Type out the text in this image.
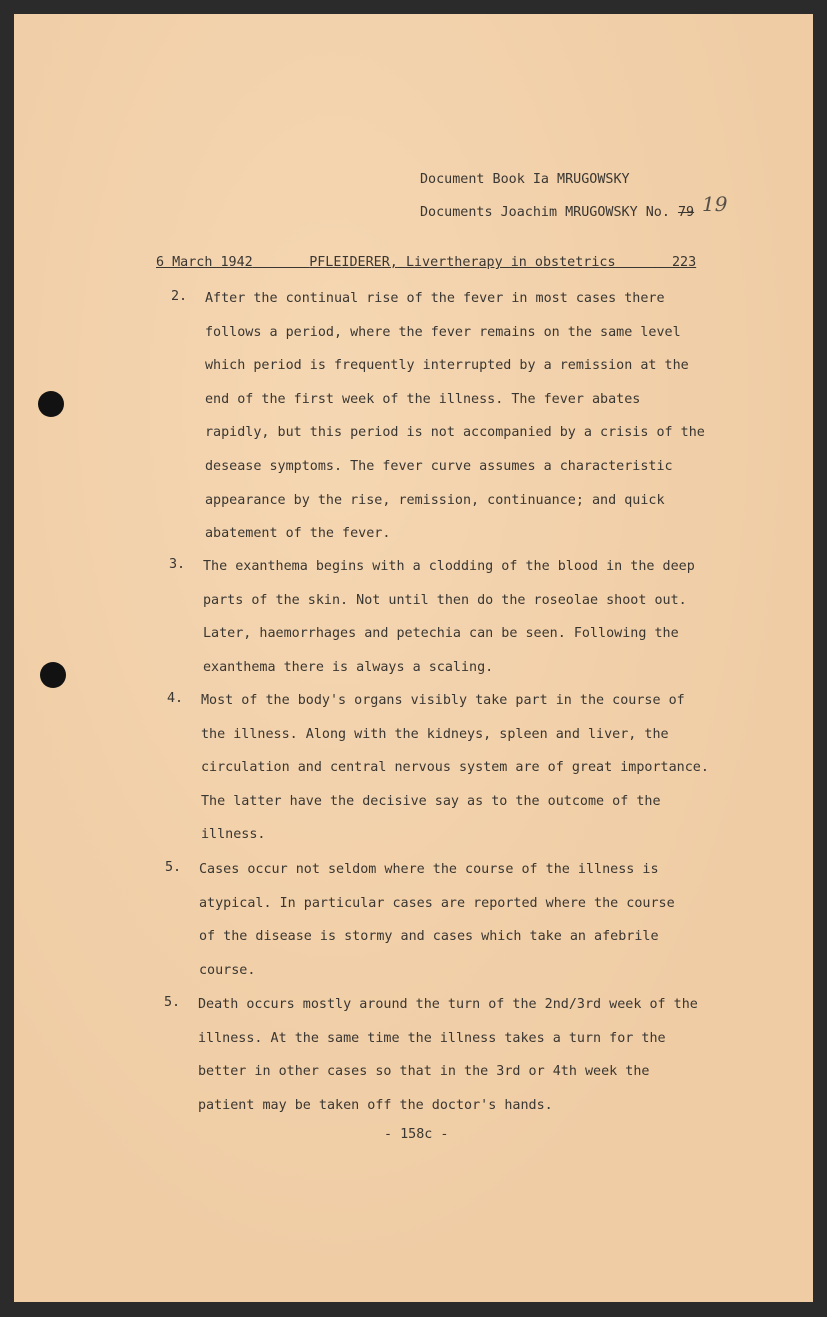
Document Book Ia MRUGOWSKY
Documents Joachim MRUGOWSKY No. 79 19
6 March 1942	PFLEIDERER, Livertherapy in obstetrics	223
2. After the continual rise of the fever in most cases there
follows a period, where the fever remains on the same level
which period is frequently interrupted by a remission at the
end of the first week of the illness. The fever abates
rapidly, but this period is not accompanied by a crisis of the
desease symptoms. The fever curve assumes a characteristic
appearance by the rise, remission, continuance; and quick
abatement of the fever.
3. The exanthema begins with a clodding of the blood in the deep
parts of the skin. Not until then do the roseolae shoot out.
Later, haemorrhages and petechia can be seen. Following the
exanthema there is always a scaling.
4. Most of the body's organs visibly take part in the course of
the illness. Along with the kidneys, spleen and liver, the
circulation and central nervous system are of great importance.
The latter have the decisive say as to the outcome of the
illness.
5. Cases occur not seldom where the course of the illness is
atypical. In particular cases are reported where the course
of the disease is stormy and cases which take an afebrile
course.
5. Death occurs mostly around the turn of the 2nd/3rd week of the
illness. At the same time the illness takes a turn for the
better in other cases so that in the 3rd or 4th week the
patient may be taken off the doctor's hands.
- 158c -
